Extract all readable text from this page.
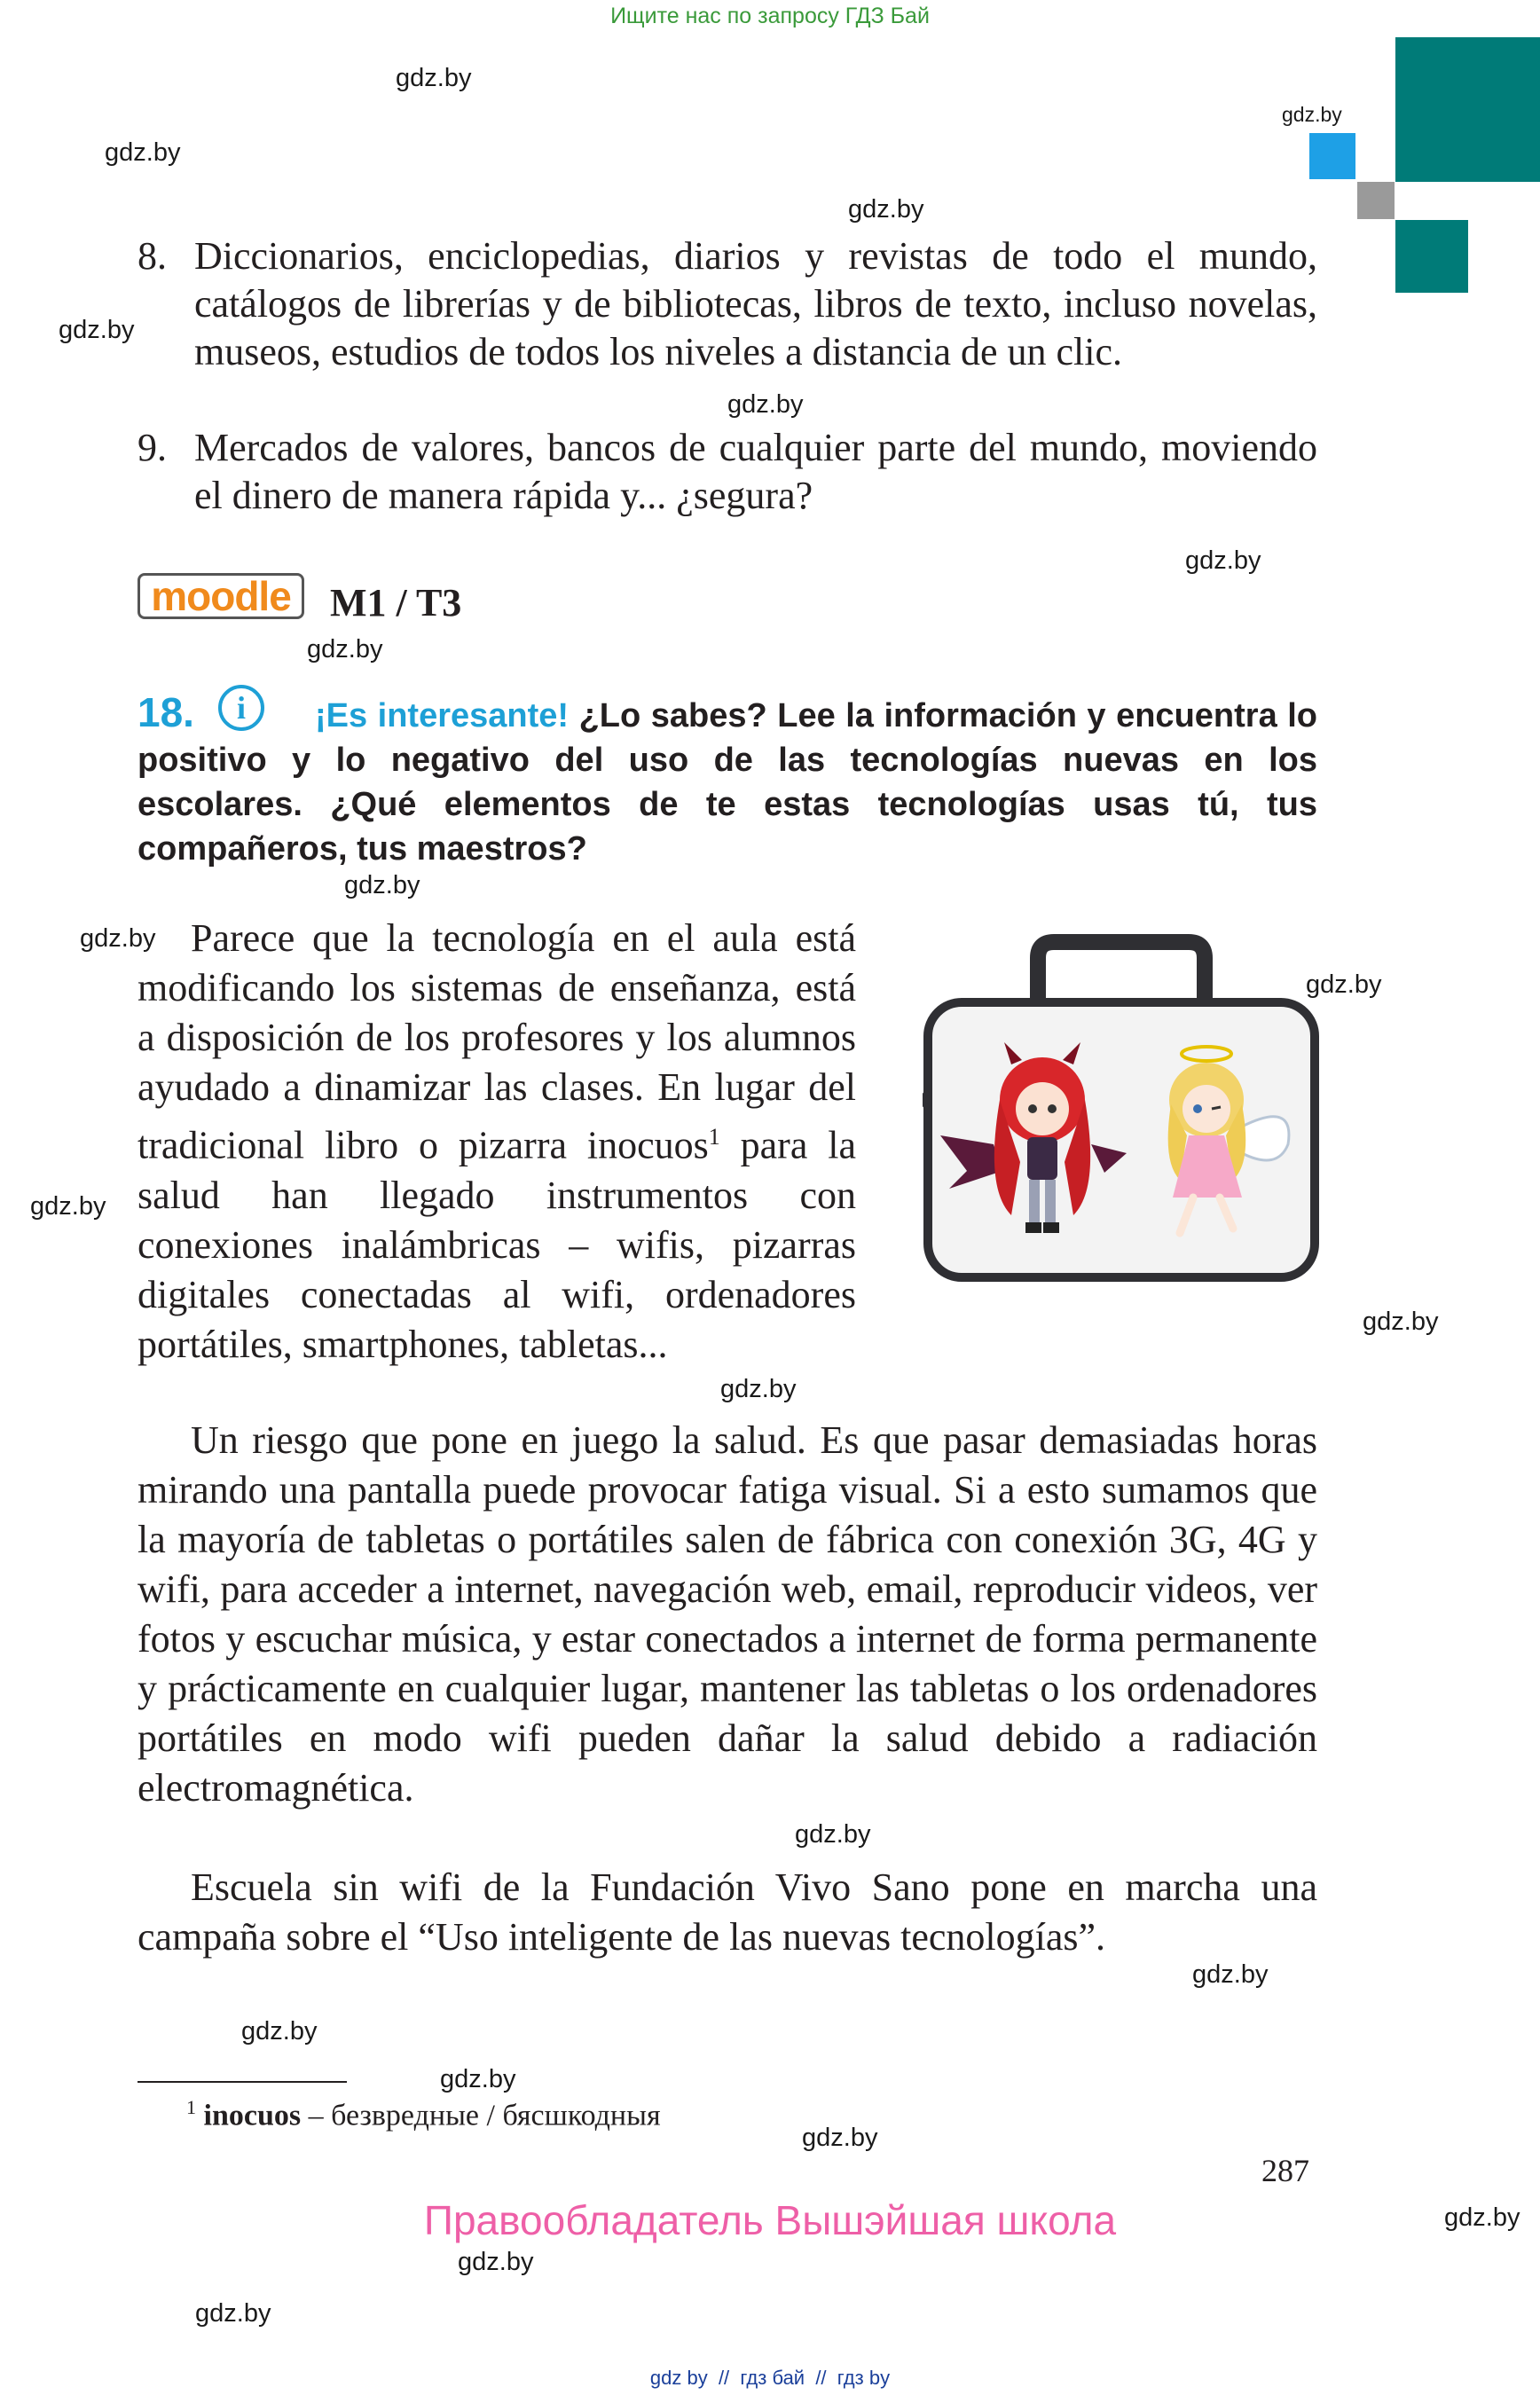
Ищите нас по запросу ГДЗ Бай
gdz.by
gdz.by
gdz.by
gdz.by
gdz.by
gdz.by
gdz.by
gdz.by
gdz.by
gdz.by
gdz.by
gdz.by
gdz.by
gdz.by
gdz.by
gdz.by
gdz.by
gdz.by
gdz.by
gdz.by
gdz.by
gdz.by
8. Diccionarios, enciclopedias, diarios y revistas de todo el mundo, catálogos de librerías y de bibliotecas, libros de texto, incluso novelas, museos, estudios de todos los niveles a distancia de un clic.
9. Mercados de valores, bancos de cualquier parte del mundo, moviendo el dinero de manera rápida y... ¿segura?
moodle	M1 / T3
18.	i	¡Es interesante! ¿Lo sabes? Lee la información y encuentra lo positivo y lo negativo del uso de las tecnologías nuevas en los escolares. ¿Qué elementos de te estas tecnologías usas tú, tus compañeros, tus maestros?
Parece que la tecnología en el aula está modificando los sistemas de enseñanza, está a disposición de los profesores y los alumnos ayudado a dinamizar las clases. En lugar del tradicional libro o pizarra inocuos$^1$ para la salud han llegado instrumentos con conexiones inalámbricas – wifis, pizarras digitales conectadas al wifi, ordenadores portátiles, smartphones, tabletas...
Un riesgo que pone en juego la salud. Es que pasar demasiadas horas mirando una pantalla puede provocar fatiga visual. Si a esto sumamos que la mayoría de tabletas o portátiles salen de fábrica con conexión 3G, 4G y wifi, para acceder a internet, navegación web, email, reproducir videos, ver fotos y escuchar música, y estar conectados a internet de forma permanente y prácticamente en cualquier lugar, mantener las tabletas o los ordenadores portátiles en modo wifi pueden dañar la salud debido a radiación electromagnética.
Escuela sin wifi de la Fundación Vivo Sano pone en marcha una campaña sobre el “Uso inteligente de las nuevas tecnologías”.
$^1$ inocuos – безвредные / бясшкодныя
287
Правообладатель Вышэйшая школа
gdz by  //  гдз бай  //  гдз by
